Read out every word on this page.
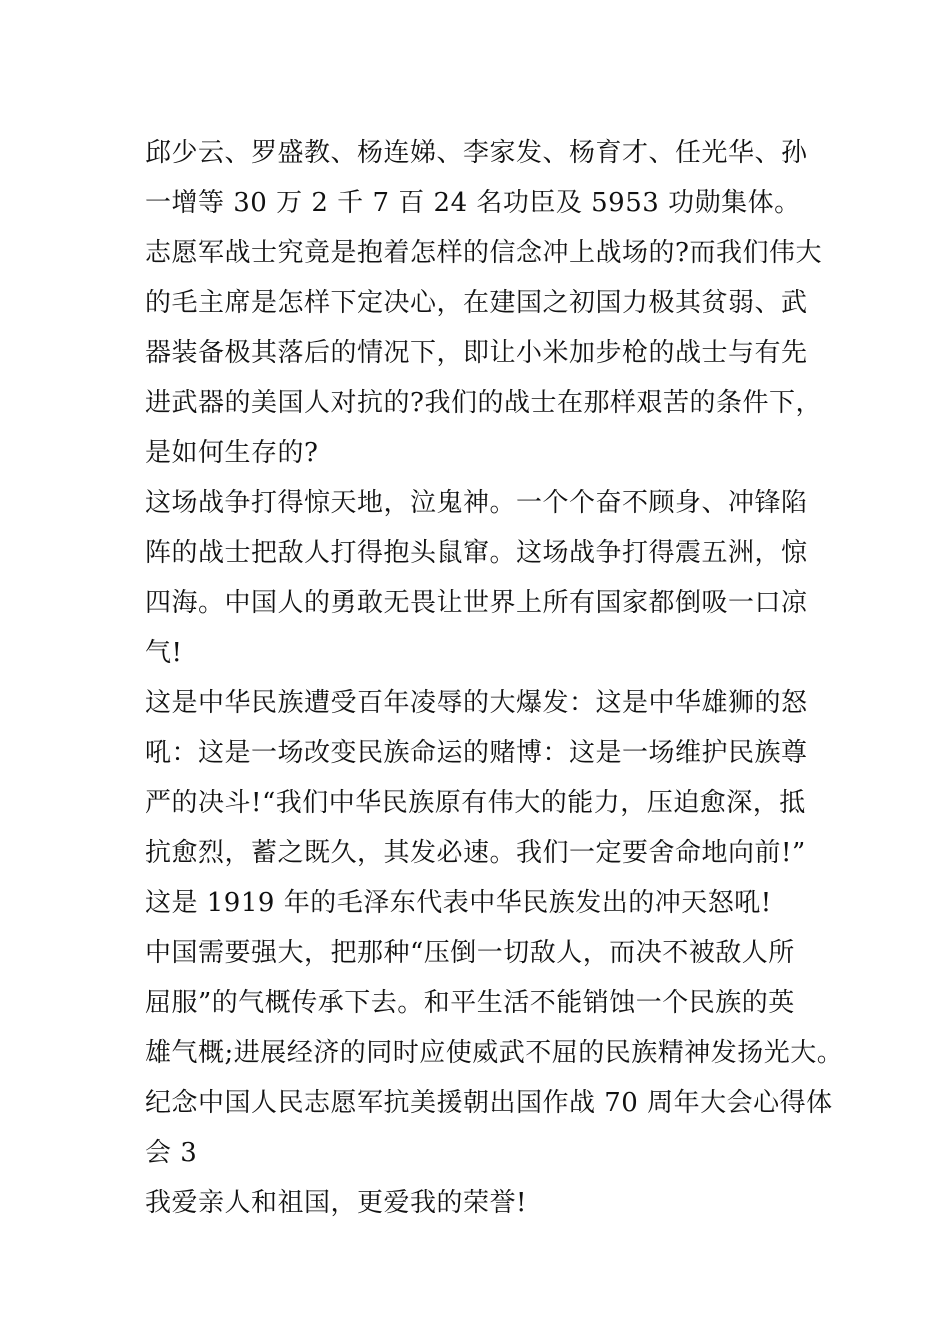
邱少云、罗盛教、杨连娣、李家发、杨育才、任光华、孙
一增等 30 万 2 千 7 百 24 名功臣及 5953 功勋集体。
志愿军战士究竟是抱着怎样的信念冲上战场的?而我们伟大
的毛主席是怎样下定决心，在建国之初国力极其贫弱、武
器装备极其落后的情况下，即让小米加步枪的战士与有先
进武器的美国人对抗的?我们的战士在那样艰苦的条件下，
是如何生存的?
这场战争打得惊天地，泣鬼神。一个个奋不顾身、冲锋陷
阵的战士把敌人打得抱头鼠窜。这场战争打得震五洲，惊
四海。中国人的勇敢无畏让世界上所有国家都倒吸一口凉
气!
这是中华民族遭受百年凌辱的大爆发：这是中华雄狮的怒
吼：这是一场改变民族命运的赌博：这是一场维护民族尊
严的决斗!“我们中华民族原有伟大的能力，压迫愈深，抵
抗愈烈，蓄之既久，其发必速。我们一定要舍命地向前!”
这是 1919 年的毛泽东代表中华民族发出的冲天怒吼!
中国需要强大，把那种“压倒一切敌人，而决不被敌人所
屈服”的气概传承下去。和平生活不能销蚀一个民族的英
雄气概;进展经济的同时应使威武不屈的民族精神发扬光大。
纪念中国人民志愿军抗美援朝出国作战 70 周年大会心得体
会 3
我爱亲人和祖国，更爱我的荣誉!
